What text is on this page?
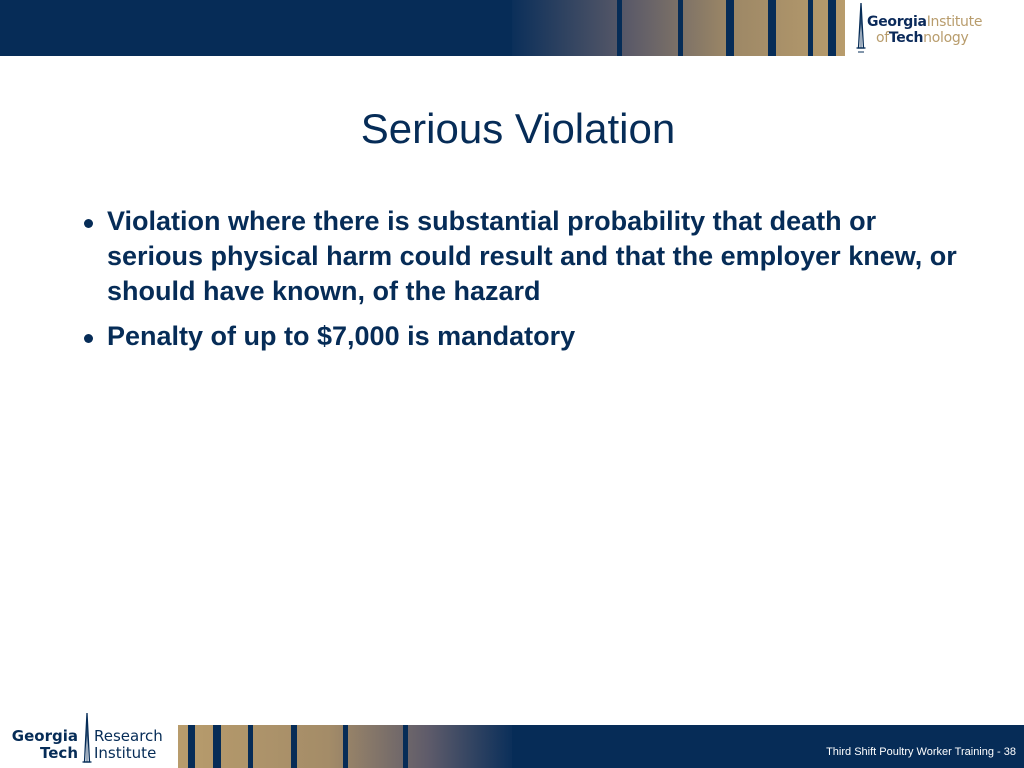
GeorgiaInstitute
ofTechnology
Serious Violation
Violation where there is substantial probability that death or serious physical harm could result and that the employer knew, or should have known, of the hazard
Penalty of up to $7,000 is mandatory
Georgia
Tech
Research
Institute	Third Shift Poultry Worker Training - 38
